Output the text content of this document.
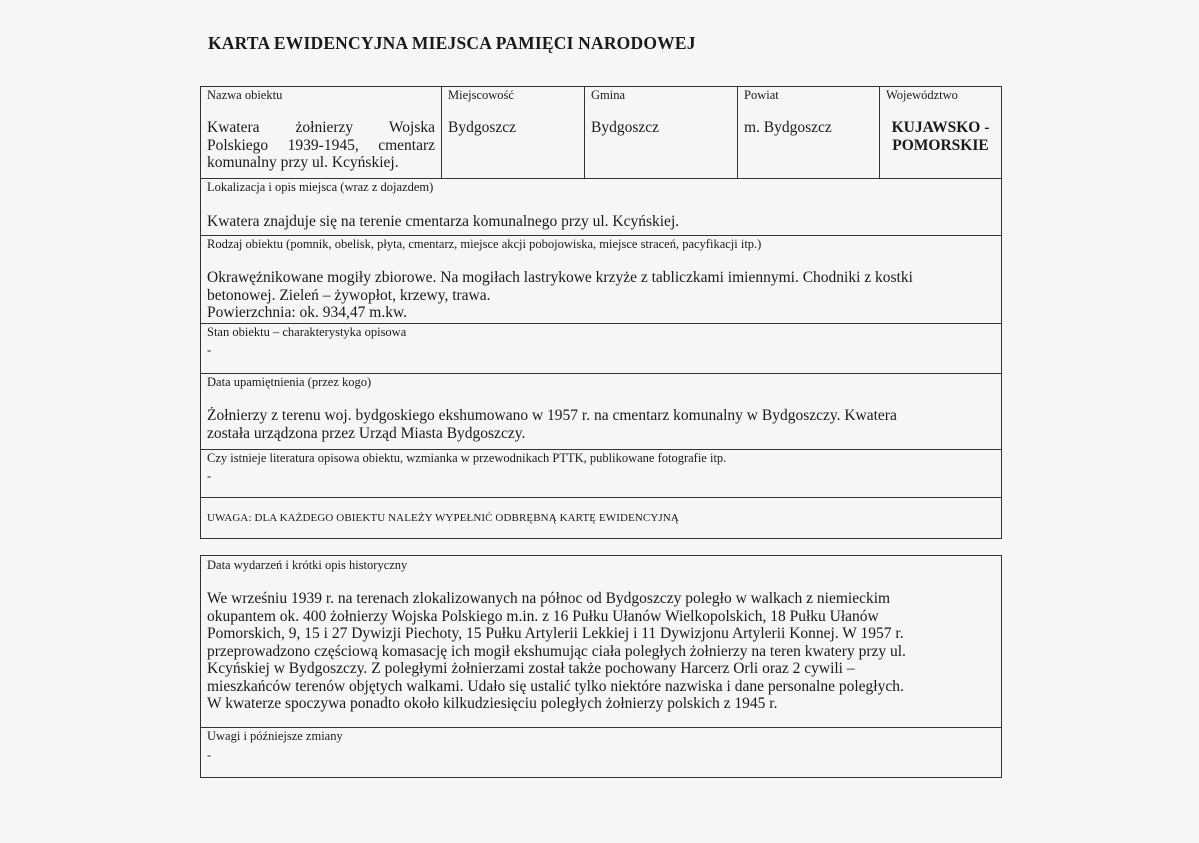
KARTA EWIDENCYJNA MIEJSCA PAMIĘCI NARODOWEJ
Nazwa obiektu
Kwatera żołnierzy Wojska Polskiego 1939-1945, cmentarz komunalny przy ul. Kcyńskiej.
Miejscowość
Bydgoszcz
Gmina
Bydgoszcz
Powiat
m. Bydgoszcz
Województwo
KUJAWSKO -
POMORSKIE
Lokalizacja i opis miejsca (wraz z dojazdem)
Kwatera znajduje się na terenie cmentarza komunalnego przy ul. Kcyńskiej.
Rodzaj obiektu (pomnik, obelisk, płyta, cmentarz, miejsce akcji pobojowiska, miejsce straceń, pacyfikacji itp.)
Okrawężnikowane mogiły zbiorowe. Na mogiłach lastrykowe krzyże z tabliczkami imiennymi. Chodniki z kostki
betonowej. Zieleń – żywopłot, krzewy, trawa.
Powierzchnia: ok. 934,47 m.kw.
Stan obiektu – charakterystyka opisowa
-
Data upamiętnienia (przez kogo)
Żołnierzy z terenu woj. bydgoskiego ekshumowano w 1957 r. na cmentarz komunalny w Bydgoszczy. Kwatera
została urządzona przez Urząd Miasta Bydgoszczy.
Czy istnieje literatura opisowa obiektu, wzmianka w przewodnikach PTTK, publikowane fotografie itp.
-
UWAGA: DLA KAŻDEGO OBIEKTU NALEŻY WYPEŁNIĆ ODBRĘBNĄ KARTĘ EWIDENCYJNĄ
Data wydarzeń i krótki opis historyczny
We wrześniu 1939 r. na terenach zlokalizowanych na północ od Bydgoszczy poległo w walkach z niemieckim
okupantem ok. 400 żołnierzy Wojska Polskiego m.in. z 16 Pułku Ułanów Wielkopolskich, 18 Pułku Ułanów
Pomorskich, 9, 15 i 27 Dywizji Piechoty, 15 Pułku Artylerii Lekkiej i 11 Dywizjonu Artylerii Konnej. W 1957 r.
przeprowadzono częściową komasację ich mogił ekshumując ciała poległych żołnierzy na teren kwatery przy ul.
Kcyńskiej w Bydgoszczy. Z poległymi żołnierzami został także pochowany Harcerz Orli oraz 2 cywili –
mieszkańców terenów objętych walkami. Udało się ustalić tylko niektóre nazwiska i dane personalne poległych.
W kwaterze spoczywa ponadto około kilkudziesięciu poległych żołnierzy polskich z 1945 r.
Uwagi i późniejsze zmiany
-
